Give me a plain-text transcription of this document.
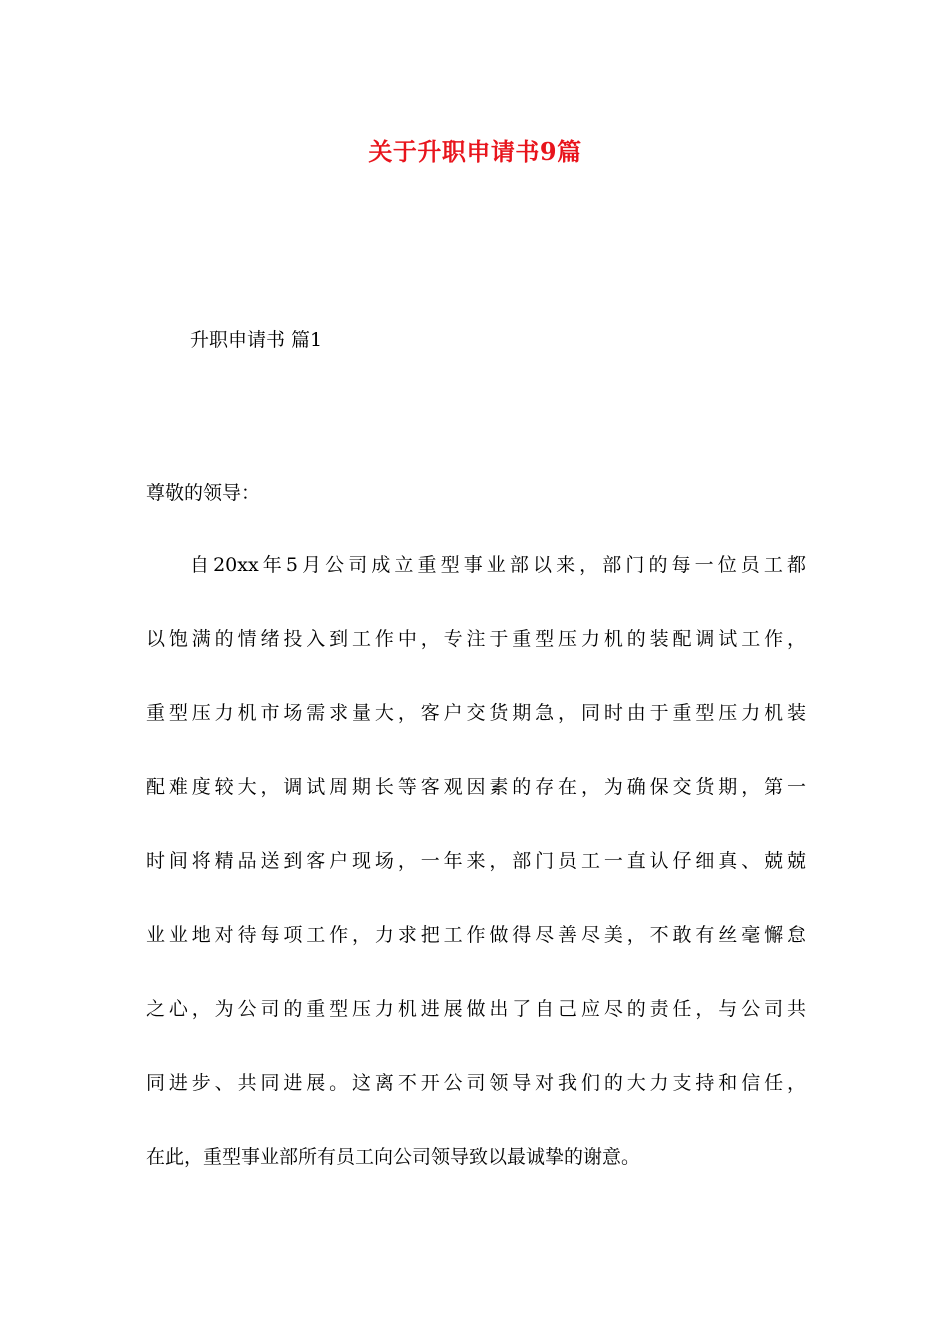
关于升职申请书9篇
升职申请书 篇1
尊敬的领导：
自20xx年5月公司成立重型事业部以来，部门的每一位员工都
以饱满的情绪投入到工作中，专注于重型压力机的装配调试工作，
重型压力机市场需求量大，客户交货期急，同时由于重型压力机装
配难度较大，调试周期长等客观因素的存在，为确保交货期，第一
时间将精品送到客户现场，一年来，部门员工一直认仔细真、兢兢
业业地对待每项工作，力求把工作做得尽善尽美，不敢有丝毫懈怠
之心，为公司的重型压力机进展做出了自己应尽的责任，与公司共
同进步、共同进展。这离不开公司领导对我们的大力支持和信任，
在此，重型事业部所有员工向公司领导致以最诚挚的谢意。
